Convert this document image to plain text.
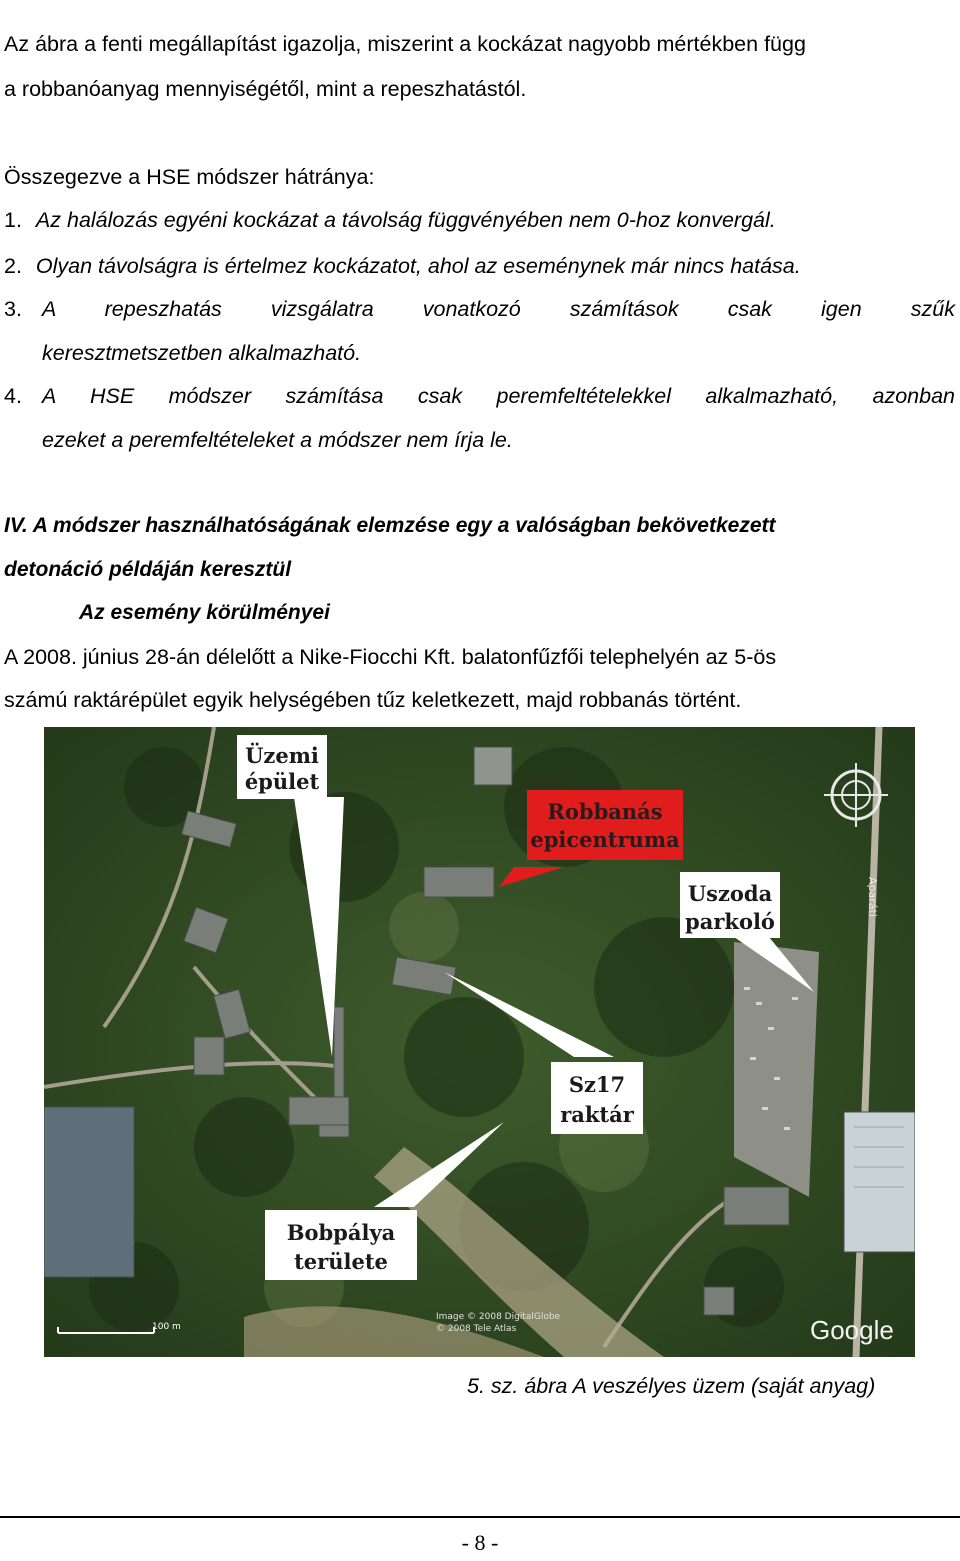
Az ábra a fenti megállapítást igazolja, miszerint a kockázat nagyobb mértékben függ
a robbanóanyag mennyiségétől, mint a repeszhatástól.
Összegezve a HSE módszer hátránya:
1. Az halálozás egyéni kockázat a távolság függvényében nem 0-hoz konvergál.
2. Olyan távolságra is értelmez kockázatot, ahol az eseménynek már nincs hatása.
3. A repeszhatás vizsgálatra vonatkozó számítások csak igen szűk
keresztmetszetben alkalmazható.
4. A HSE módszer számítása csak peremfeltételekkel alkalmazható, azonban
ezeket a peremfeltételeket a módszer nem írja le.
IV. A módszer használhatóságának elemzése egy a valóságban bekövetkezett
detonáció példáján keresztül
Az esemény körülményei
A 2008. június 28-án délelőtt a Nike-Fiocchi Kft. balatonfűzfői telephelyén az 5-ös
számú raktárépület egyik helységében tűz keletkezett, majd robbanás történt.
Aparáti
Üzemi
épület
Robbanás
epicentruma
Uszoda
parkoló
Sz17
raktár
Bobpálya
területe
100 m
Image © 2008 DigitalGlobe
© 2008 Tele Atlas	Google
5. sz. ábra A veszélyes üzem (saját anyag)
- 8 -
